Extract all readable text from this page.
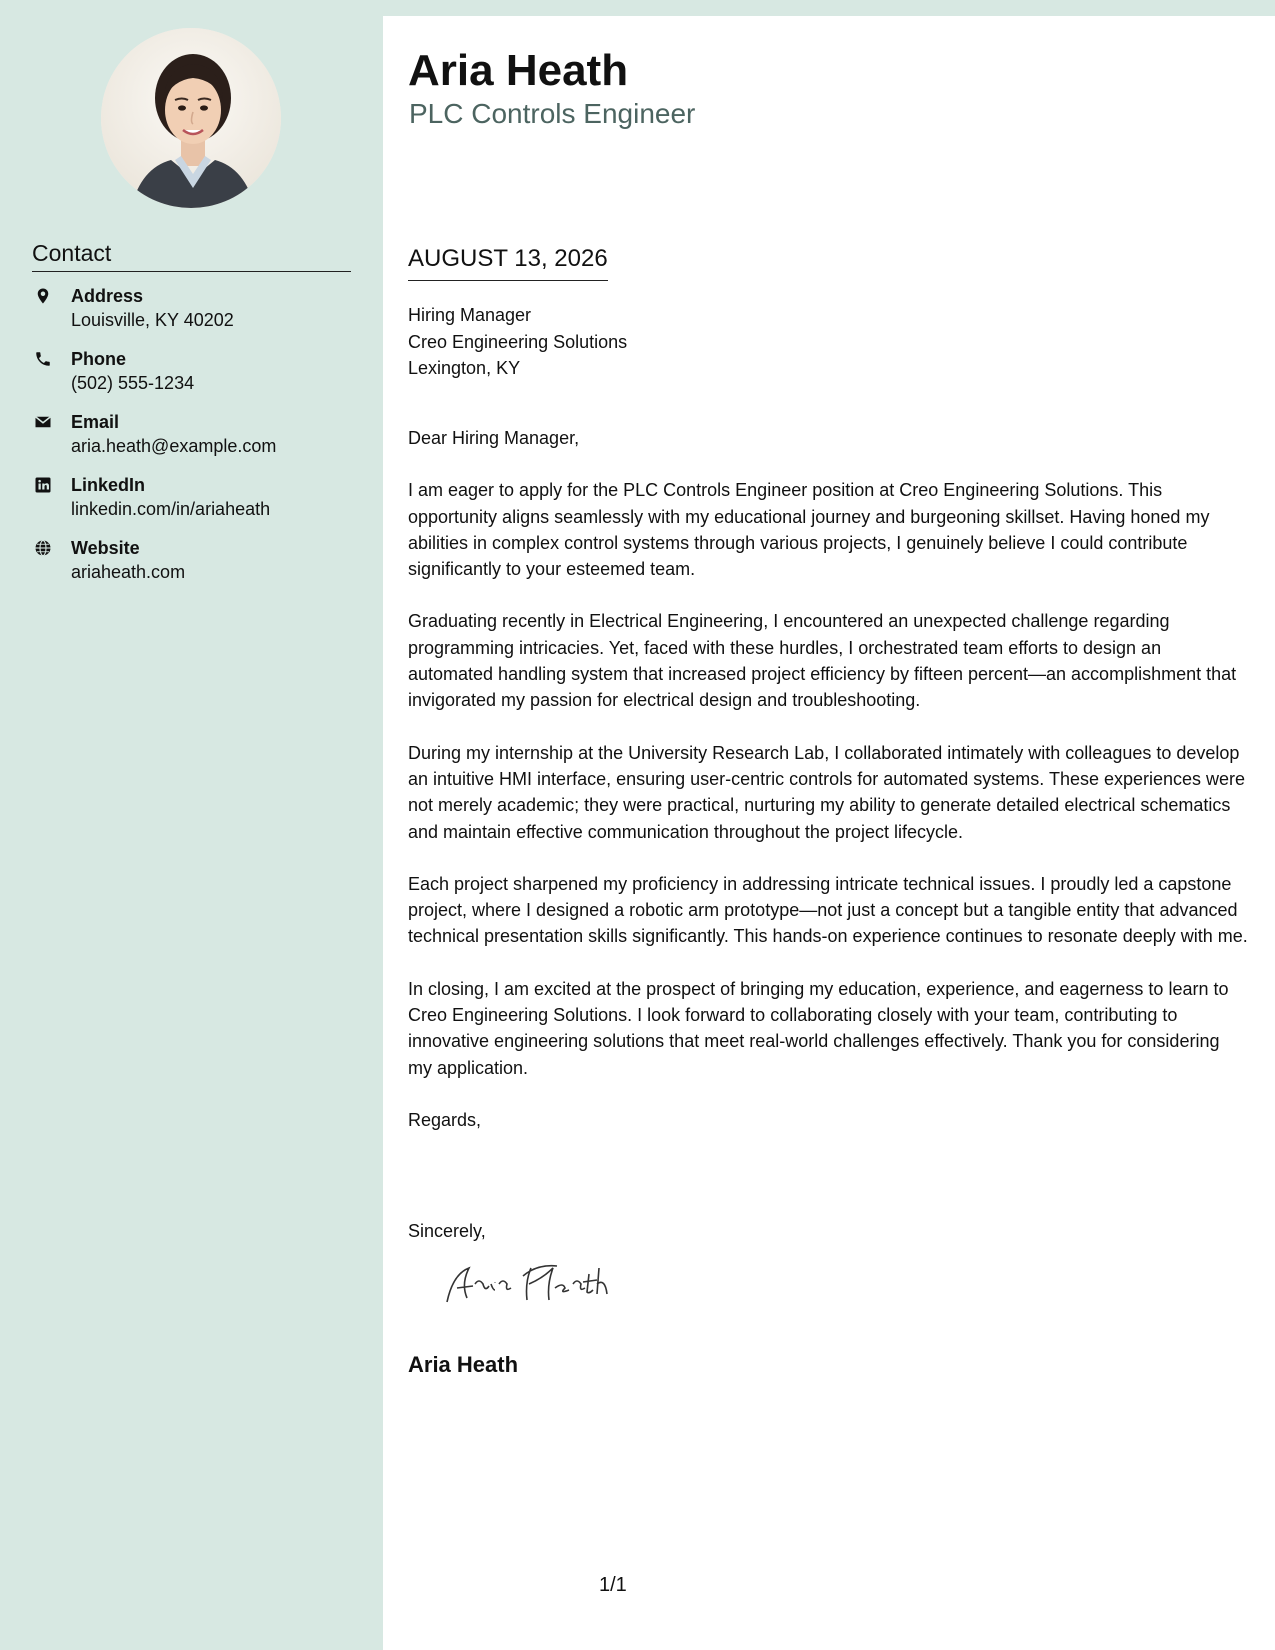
Contact
Address
Louisville, KY 40202
Phone
(502) 555-1234
Email
aria.heath@example.com
LinkedIn
linkedin.com/in/ariaheath
Website
ariaheath.com
Aria Heath
PLC Controls Engineer
AUGUST 13, 2026
Hiring Manager
Creo Engineering Solutions
Lexington, KY

Dear Hiring Manager,

I am eager to apply for the PLC Controls Engineer position at Creo Engineering Solutions. This opportunity aligns seamlessly with my educational journey and burgeoning skillset. Having honed my abilities in complex control systems through various projects, I genuinely believe I could contribute significantly to your esteemed team.

Graduating recently in Electrical Engineering, I encountered an unexpected challenge regarding programming intricacies. Yet, faced with these hurdles, I orchestrated team efforts to design an automated handling system that increased project efficiency by fifteen percent—an accomplishment that invigorated my passion for electrical design and troubleshooting.

During my internship at the University Research Lab, I collaborated intimately with colleagues to develop an intuitive HMI interface, ensuring user-centric controls for automated systems. These experiences were not merely academic; they were practical, nurturing my ability to generate detailed electrical schematics and maintain effective communication throughout the project lifecycle.

Each project sharpened my proficiency in addressing intricate technical issues. I proudly led a capstone project, where I designed a robotic arm prototype—not just a concept but a tangible entity that advanced technical presentation skills significantly. This hands-on experience continues to resonate deeply with me.

In closing, I am excited at the prospect of bringing my education, experience, and eagerness to learn to Creo Engineering Solutions. I look forward to collaborating closely with your team, contributing to innovative engineering solutions that meet real-world challenges effectively. Thank you for considering my application.

Regards,

Sincerely,
Aria Heath
1/1
